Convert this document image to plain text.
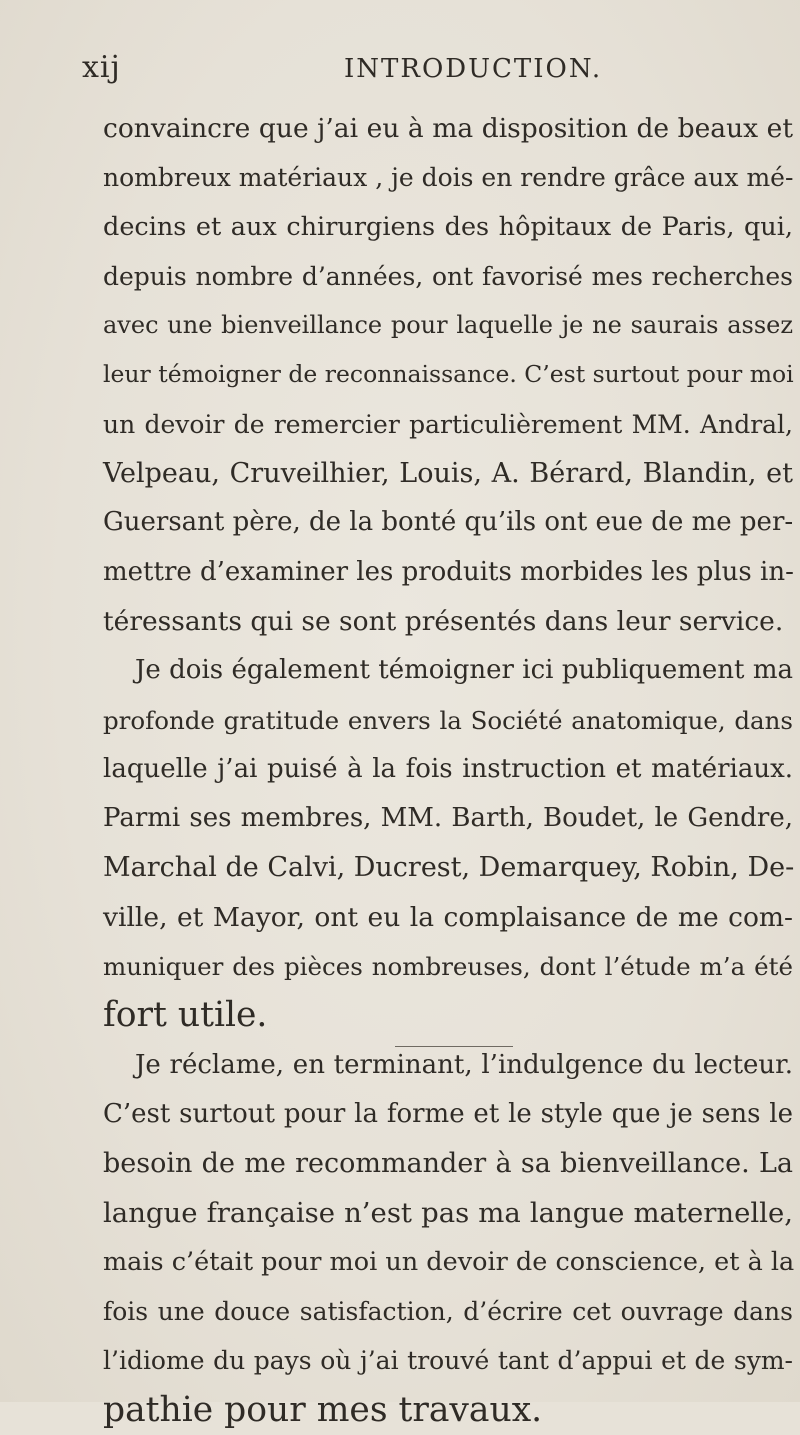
xij	INTRODUCTION.
convaincre que j’ai eu à ma disposition de beaux et
nombreux matériaux , je dois en rendre grâce aux mé-
decins et aux chirurgiens des hôpitaux de Paris, qui,
depuis nombre d’années, ont favorisé mes recherches
avec une bienveillance pour laquelle je ne saurais assez
leur témoigner de reconnaissance. C’est surtout pour moi
un devoir de remercier particulièrement MM. Andral,
Velpeau, Cruveilhier, Louis, A. Bérard, Blandin, et
Guersant père, de la bonté qu’ils ont eue de me per-
mettre d’examiner les produits morbides les plus in-
téressants qui se sont présentés dans leur service.
Je dois également témoigner ici publiquement ma
profonde gratitude envers la Société anatomique, dans
laquelle j’ai puisé à la fois instruction et matériaux.
Parmi ses membres, MM. Barth, Boudet, le Gendre,
Marchal de Calvi, Ducrest, Demarquey, Robin, De-
ville, et Mayor, ont eu la complaisance de me com-
muniquer des pièces nombreuses, dont l’étude m’a été
fort utile.
Je réclame, en terminant, l’indulgence du lecteur.
C’est surtout pour la forme et le style que je sens le
besoin de me recommander à sa bienveillance. La
langue française n’est pas ma langue maternelle,
mais c’était pour moi un devoir de conscience, et à la
fois une douce satisfaction, d’écrire cet ouvrage dans
l’idiome du pays où j’ai trouvé tant d’appui et de sym-
pathie pour mes travaux.
